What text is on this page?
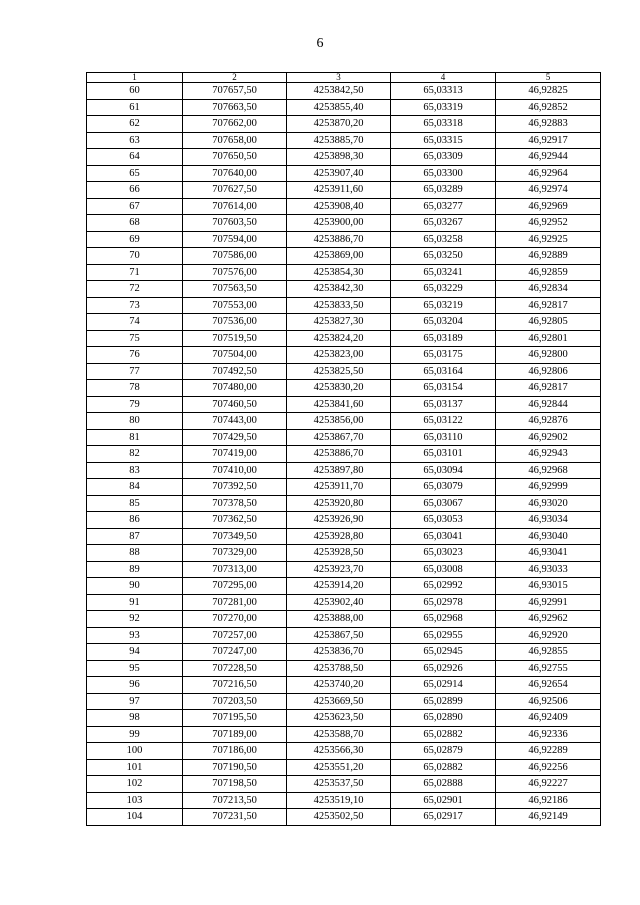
6
1	2	3	4	5
60	707657,50	4253842,50	65,03313	46,92825
61	707663,50	4253855,40	65,03319	46,92852
62	707662,00	4253870,20	65,03318	46,92883
63	707658,00	4253885,70	65,03315	46,92917
64	707650,50	4253898,30	65,03309	46,92944
65	707640,00	4253907,40	65,03300	46,92964
66	707627,50	4253911,60	65,03289	46,92974
67	707614,00	4253908,40	65,03277	46,92969
68	707603,50	4253900,00	65,03267	46,92952
69	707594,00	4253886,70	65,03258	46,92925
70	707586,00	4253869,00	65,03250	46,92889
71	707576,00	4253854,30	65,03241	46,92859
72	707563,50	4253842,30	65,03229	46,92834
73	707553,00	4253833,50	65,03219	46,92817
74	707536,00	4253827,30	65,03204	46,92805
75	707519,50	4253824,20	65,03189	46,92801
76	707504,00	4253823,00	65,03175	46,92800
77	707492,50	4253825,50	65,03164	46,92806
78	707480,00	4253830,20	65,03154	46,92817
79	707460,50	4253841,60	65,03137	46,92844
80	707443,00	4253856,00	65,03122	46,92876
81	707429,50	4253867,70	65,03110	46,92902
82	707419,00	4253886,70	65,03101	46,92943
83	707410,00	4253897,80	65,03094	46,92968
84	707392,50	4253911,70	65,03079	46,92999
85	707378,50	4253920,80	65,03067	46,93020
86	707362,50	4253926,90	65,03053	46,93034
87	707349,50	4253928,80	65,03041	46,93040
88	707329,00	4253928,50	65,03023	46,93041
89	707313,00	4253923,70	65,03008	46,93033
90	707295,00	4253914,20	65,02992	46,93015
91	707281,00	4253902,40	65,02978	46,92991
92	707270,00	4253888,00	65,02968	46,92962
93	707257,00	4253867,50	65,02955	46,92920
94	707247,00	4253836,70	65,02945	46,92855
95	707228,50	4253788,50	65,02926	46,92755
96	707216,50	4253740,20	65,02914	46,92654
97	707203,50	4253669,50	65,02899	46,92506
98	707195,50	4253623,50	65,02890	46,92409
99	707189,00	4253588,70	65,02882	46,92336
100	707186,00	4253566,30	65,02879	46,92289
101	707190,50	4253551,20	65,02882	46,92256
102	707198,50	4253537,50	65,02888	46,92227
103	707213,50	4253519,10	65,02901	46,92186
104	707231,50	4253502,50	65,02917	46,92149
